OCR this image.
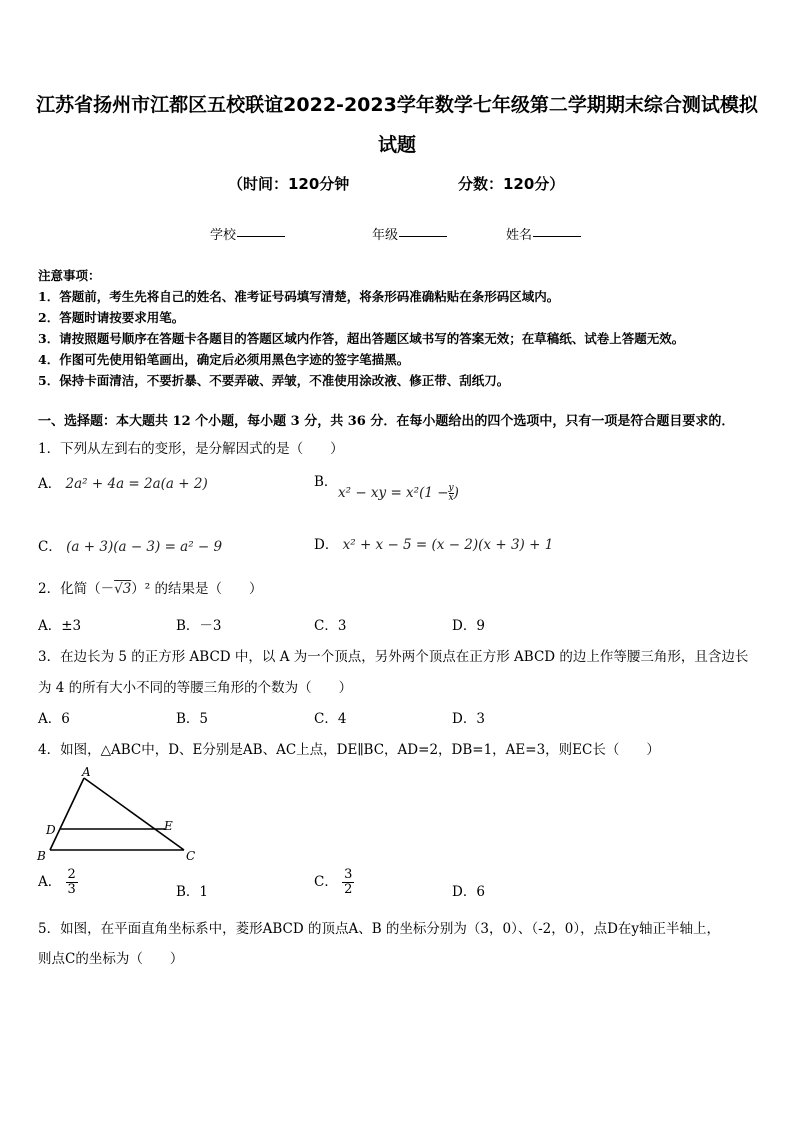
江苏省扬州市江都区五校联谊2022-2023学年数学七年级第二学期期末综合测试模拟
试题
（时间：120分钟	分数：120分）
学校	年级	姓名
注意事项：
1．答题前，考生先将自己的姓名、准考证号码填写清楚，将条形码准确粘贴在条形码区域内。
2．答题时请按要求用笔。
3．请按照题号顺序在答题卡各题目的答题区域内作答，超出答题区域书写的答案无效；在草稿纸、试卷上答题无效。
4．作图可先使用铅笔画出，确定后必须用黑色字迹的签字笔描黑。
5．保持卡面清洁，不要折暴、不要弄破、弄皱，不准使用涂改液、修正带、刮纸刀。
一、选择题：本大题共 12 个小题，每小题 3 分，共 36 分．在每小题给出的四个选项中，只有一项是符合题目要求的．
1．下列从左到右的变形，是分解因式的是（　　）
A． 2a² + 4a = 2a(a + 2)	B．
x² − xy = $x^2(1 - \frac{y}{x})$
C． (a + 3)(a − 3) = a² − 9	D． x² + x − 5 = (x − 2)(x + 3) + 1
2．化简（－√3）² 的结果是（　　）
A．±3	B．－3	C．3	D．9
3．在边长为 5 的正方形 ABCD 中，以 A 为一个顶点，另外两个顶点在正方形 ABCD 的边上作等腰三角形，且含边长
为 4 的所有大小不同的等腰三角形的个数为（　　）
A．6	B．5	C．4	D．3
4．如图，△ABC中，D、E分别是AB、AC上点，DE∥BC，AD=2，DB=1，AE=3，则EC长（　　）
A
B	C
D	E
A． $\frac{2}{3}$	B．1
C． $\frac{3}{2}$	D．6
5．如图，在平面直角坐标系中，菱形ABCD 的顶点A、B 的坐标分别为（3，0）、（-2，0），点D在y轴正半轴上，
则点C的坐标为（　　）
